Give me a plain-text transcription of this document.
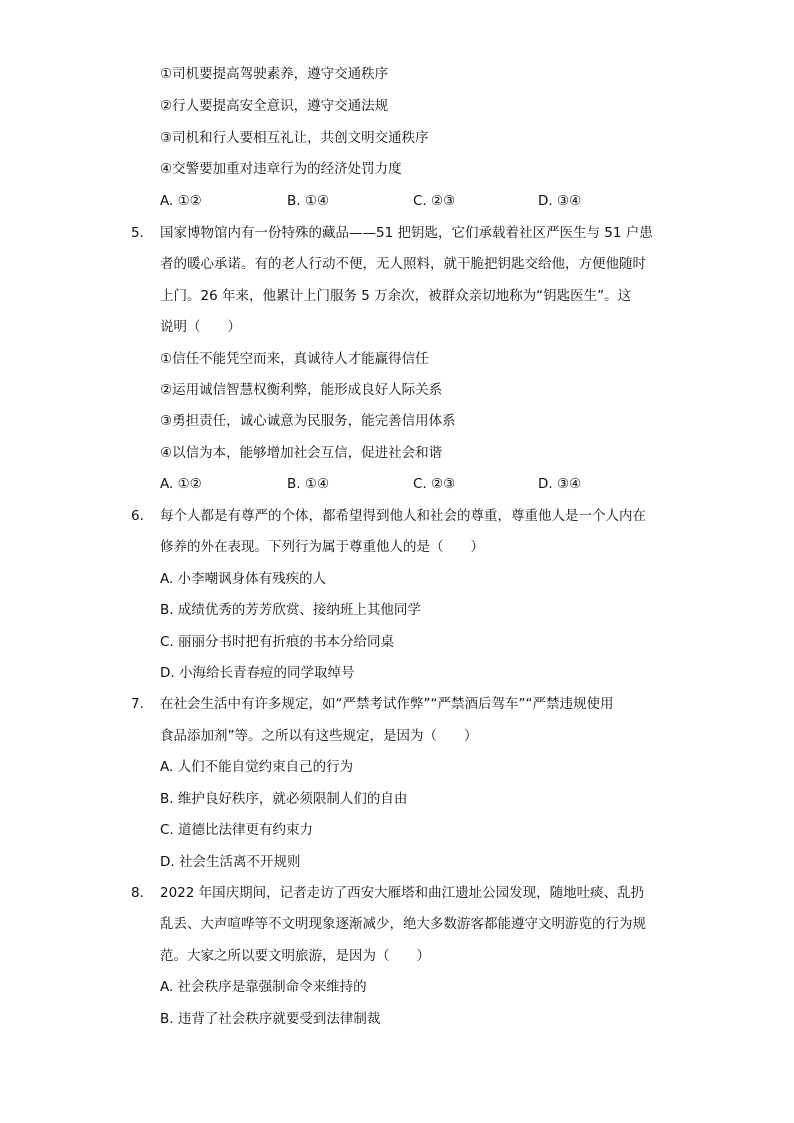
①司机要提高驾驶素养，遵守交通秩序
②行人要提高安全意识，遵守交通法规
③司机和行人要相互礼让，共创文明交通秩序
④交警要加重对违章行为的经济处罚力度
A. ①②	B. ①④	C. ②③	D. ③④
5. 国家博物馆内有一份特殊的藏品——51 把钥匙，它们承载着社区严医生与 51 户患
者的暖心承诺。有的老人行动不便，无人照料，就干脆把钥匙交给他，方便他随时
上门。26 年来，他累计上门服务 5 万余次，被群众亲切地称为“钥匙医生”。这
说明（　　）
①信任不能凭空而来，真诚待人才能赢得信任
②运用诚信智慧权衡利弊，能形成良好人际关系
③勇担责任，诚心诚意为民服务，能完善信用体系
④以信为本，能够增加社会互信，促进社会和谐
A. ①②	B. ①④	C. ②③	D. ③④
6. 每个人都是有尊严的个体，都希望得到他人和社会的尊重，尊重他人是一个人内在
修养的外在表现。下列行为属于尊重他人的是（　　）
A. 小李嘲讽身体有残疾的人
B. 成绩优秀的芳芳欣赏、接纳班上其他同学
C. 丽丽分书时把有折痕的书本分给同桌
D. 小海给长青春痘的同学取绰号
7. 在社会生活中有许多规定，如“严禁考试作弊”“严禁酒后驾车”“严禁违规使用
食品添加剂”等。之所以有这些规定，是因为（　　）
A. 人们不能自觉约束自己的行为
B. 维护良好秩序，就必须限制人们的自由
C. 道德比法律更有约束力
D. 社会生活离不开规则
8. 2022 年国庆期间，记者走访了西安大雁塔和曲江遗址公园发现，随地吐痰、乱扔
乱丢、大声喧哗等不文明现象逐渐减少，绝大多数游客都能遵守文明游览的行为规
范。大家之所以要文明旅游，是因为（　　）
A. 社会秩序是靠强制命令来维持的
B. 违背了社会秩序就要受到法律制裁
